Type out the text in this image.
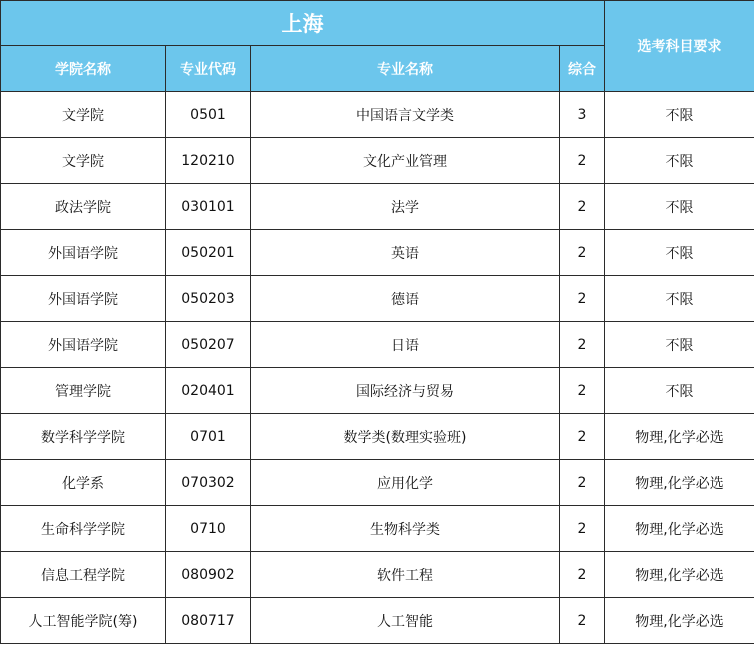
上海				选考科目要求
学院名称	专业代码	专业名称	综合	
文学院	0501	中国语言文学类	3	不限
文学院	120210	文化产业管理	2	不限
政法学院	030101	法学	2	不限
外国语学院	050201	英语	2	不限
外国语学院	050203	德语	2	不限
外国语学院	050207	日语	2	不限
管理学院	020401	国际经济与贸易	2	不限
数学科学学院	0701	数学类(数理实验班)	2	物理,化学必选
化学系	070302	应用化学	2	物理,化学必选
生命科学学院	0710	生物科学类	2	物理,化学必选
信息工程学院	080902	软件工程	2	物理,化学必选
人工智能学院(筹)	080717	人工智能	2	物理,化学必选
